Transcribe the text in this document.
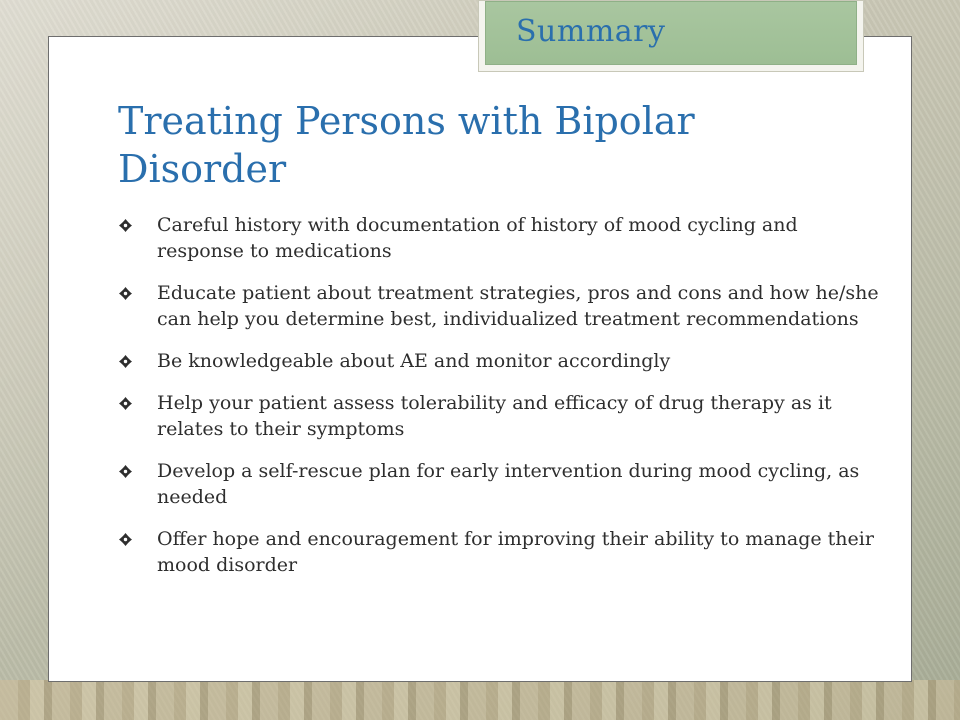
Treating Persons with Bipolar Disorder
Careful history with documentation of history of mood cycling and response to medications
Educate patient about treatment strategies, pros and cons and how he/she can help you determine best, individualized treatment recommendations
Be knowledgeable about AE and monitor accordingly
Help your patient assess tolerability and efficacy of drug therapy as it relates to their symptoms
Develop a self-rescue plan for early intervention during mood cycling, as needed
Offer hope and encouragement for improving their ability to manage their mood disorder
Summary
